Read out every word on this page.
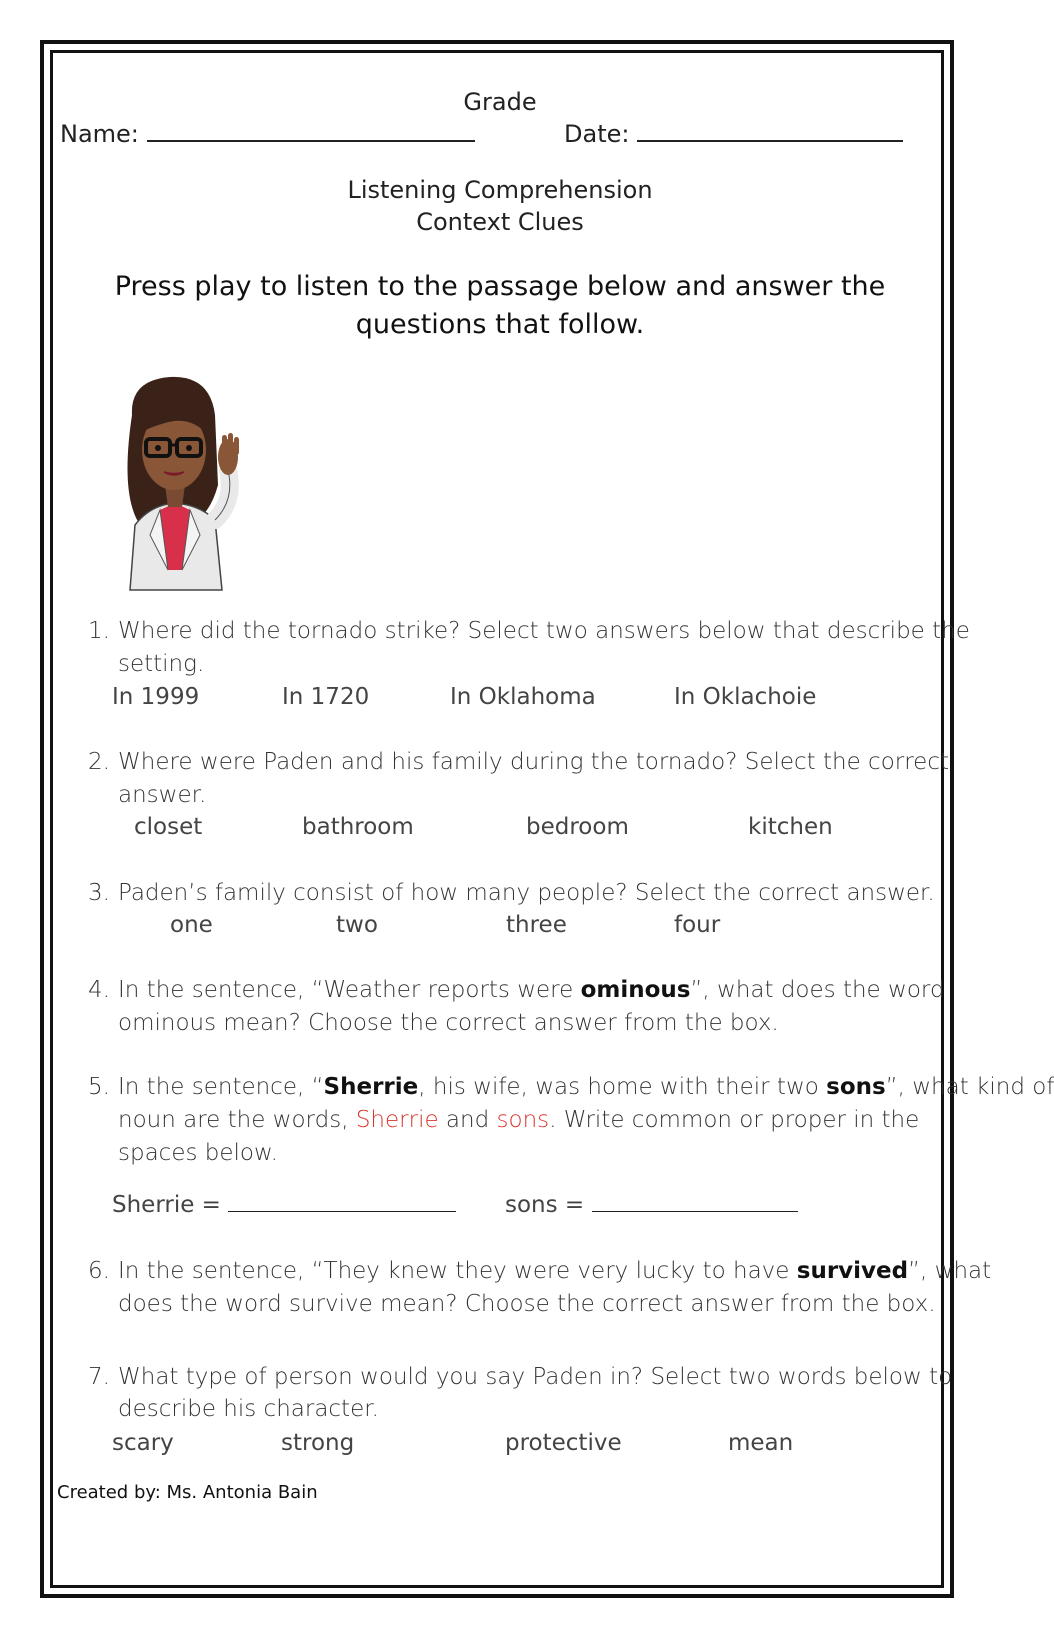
Grade
Name:	Date:
Listening Comprehension
Context Clues
Press play to listen to the passage below and answer the questions that follow.
1. Where did the tornado strike? Select two answers below that describe the
setting.
In 1999	In 1720	In Oklahoma	In Oklachoie
2. Where were Paden and his family during the tornado? Select the correct
answer.
closet	bathroom	bedroom	kitchen
3. Paden’s family consist of how many people? Select the correct answer.
one	two	three	four
4. In the sentence, “Weather reports were ominous”, what does the word
ominous mean? Choose the correct answer from the box.
5. In the sentence, “Sherrie, his wife, was home with their two sons”, what kind of
noun are the words, Sherrie and sons. Write common or proper in the
spaces below.
Sherrie =	sons =
6. In the sentence, “They knew they were very lucky to have survived”, what
does the word survive mean? Choose the correct answer from the box.
7. What type of person would you say Paden in? Select two words below to
describe his character.
scary	strong	protective	mean
Created by: Ms. Antonia Bain
